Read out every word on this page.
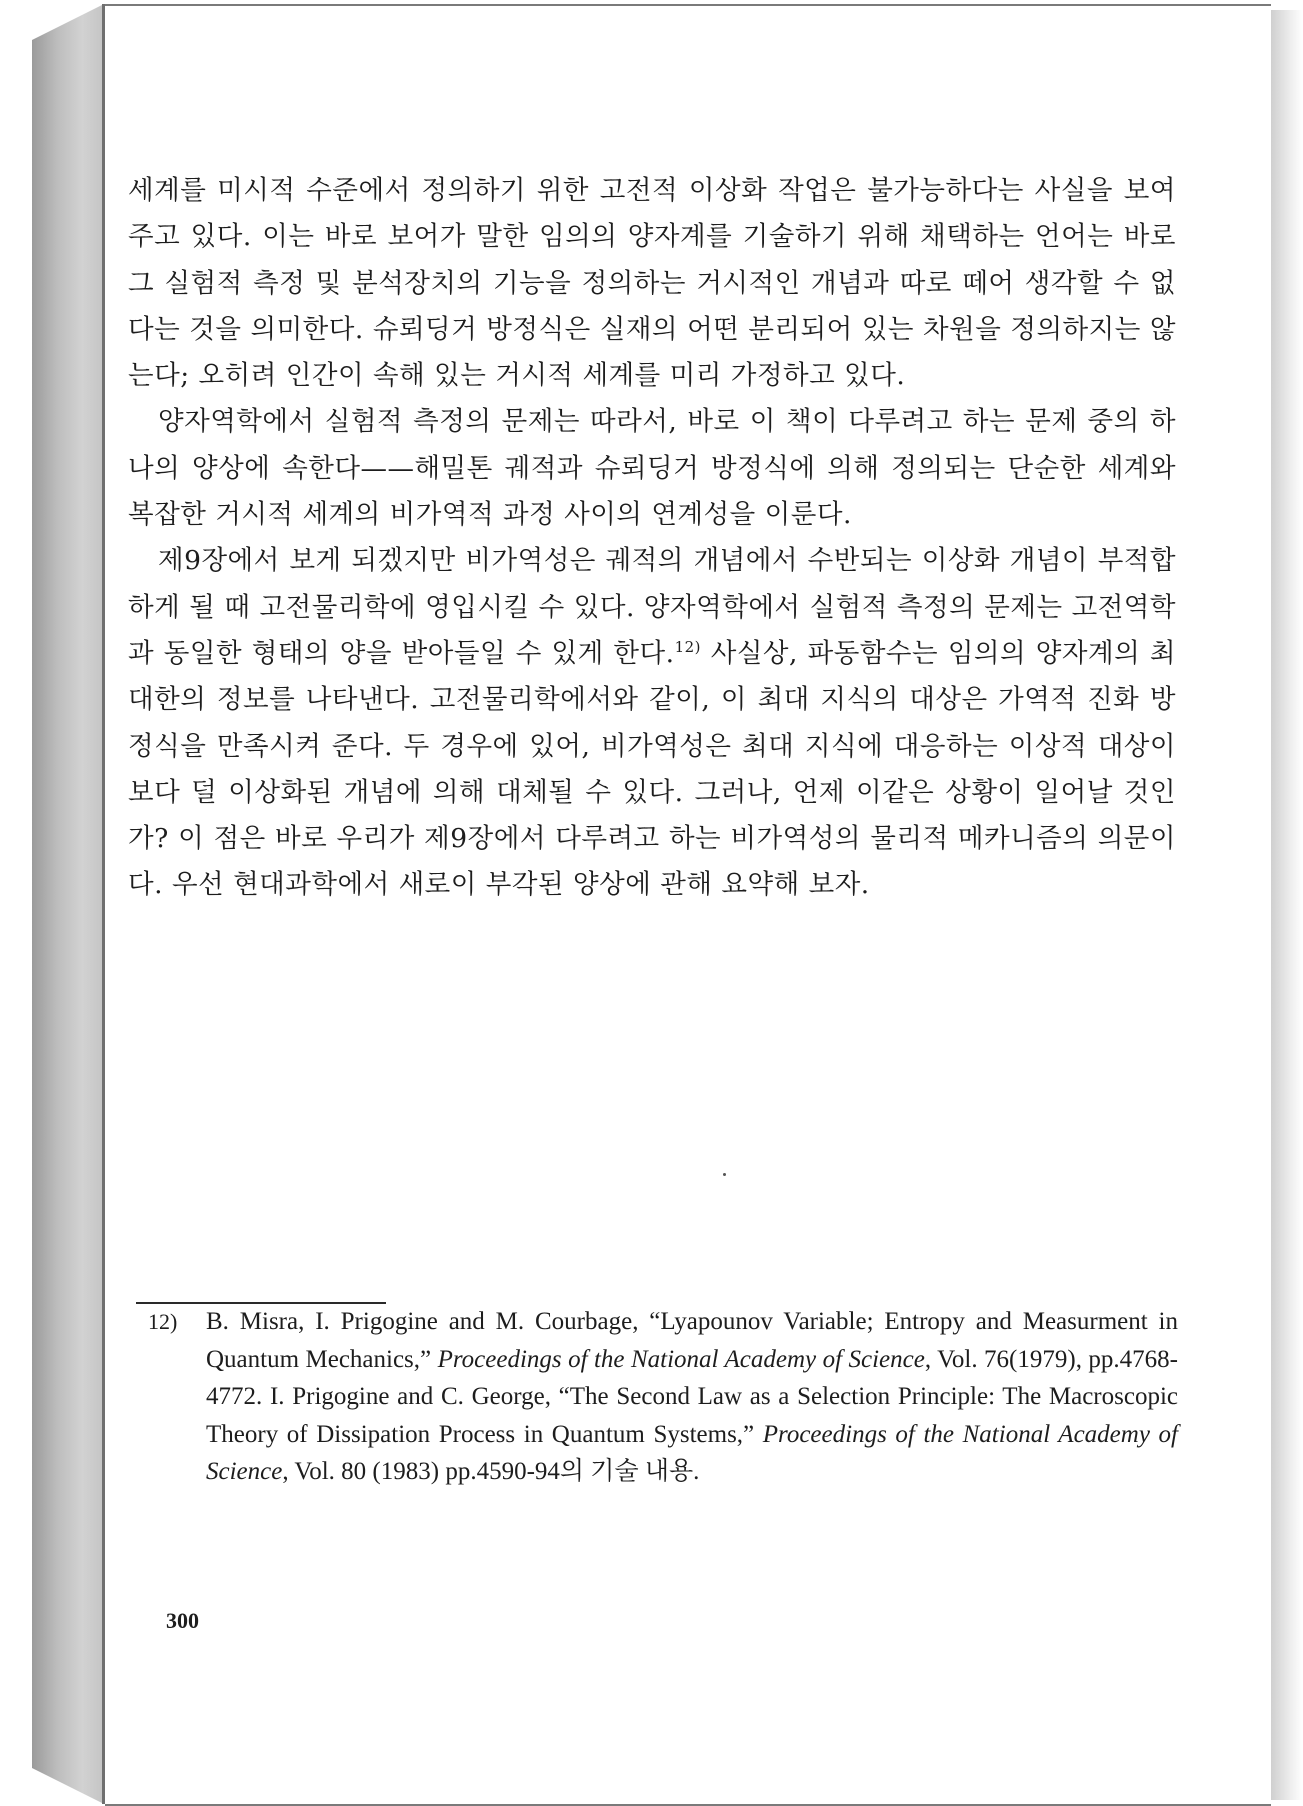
세계를 미시적 수준에서 정의하기 위한 고전적 이상화 작업은 불가능하다는 사실을 보여주고 있다. 이는 바로 보어가 말한 임의의 양자계를 기술하기 위해 채택하는 언어는 바로 그 실험적 측정 및 분석장치의 기능을 정의하는 거시적인 개념과 따로 떼어 생각할 수 없다는 것을 의미한다. 슈뢰딩거 방정식은 실재의 어떤 분리되어 있는 차원을 정의하지는 않는다; 오히려 인간이 속해 있는 거시적 세계를 미리 가정하고 있다.

양자역학에서 실험적 측정의 문제는 따라서, 바로 이 책이 다루려고 하는 문제 중의 하나의 양상에 속한다——해밀톤 궤적과 슈뢰딩거 방정식에 의해 정의되는 단순한 세계와 복잡한 거시적 세계의 비가역적 과정 사이의 연계성을 이룬다.

제9장에서 보게 되겠지만 비가역성은 궤적의 개념에서 수반되는 이상화 개념이 부적합하게 될 때 고전물리학에 영입시킬 수 있다. 양자역학에서 실험적 측정의 문제는 고전역학과 동일한 형태의 양을 받아들일 수 있게 한다.$^{12)}$ 사실상, 파동함수는 임의의 양자계의 최대한의 정보를 나타낸다. 고전물리학에서와 같이, 이 최대 지식의 대상은 가역적 진화 방정식을 만족시켜 준다. 두 경우에 있어, 비가역성은 최대 지식에 대응하는 이상적 대상이 보다 덜 이상화된 개념에 의해 대체될 수 있다. 그러나, 언제 이같은 상황이 일어날 것인가? 이 점은 바로 우리가 제9장에서 다루려고 하는 비가역성의 물리적 메카니즘의 의문이다. 우선 현대과학에서 새로이 부각된 양상에 관해 요약해 보자.

12) B. Misra, I. Prigogine and M. Courbage, “Lyapounov Variable; Entropy and Measurment in Quantum Mechanics,” Proceedings of the National Academy of Science, Vol. 76(1979), pp.4768-4772. I. Prigogine and C. George, “The Second Law as a Selection Principle: The Macroscopic Theory of Dissipation Process in Quantum Systems,” Proceedings of the National Academy of Science, Vol. 80 (1983) pp.4590-94의 기술 내용.
300
